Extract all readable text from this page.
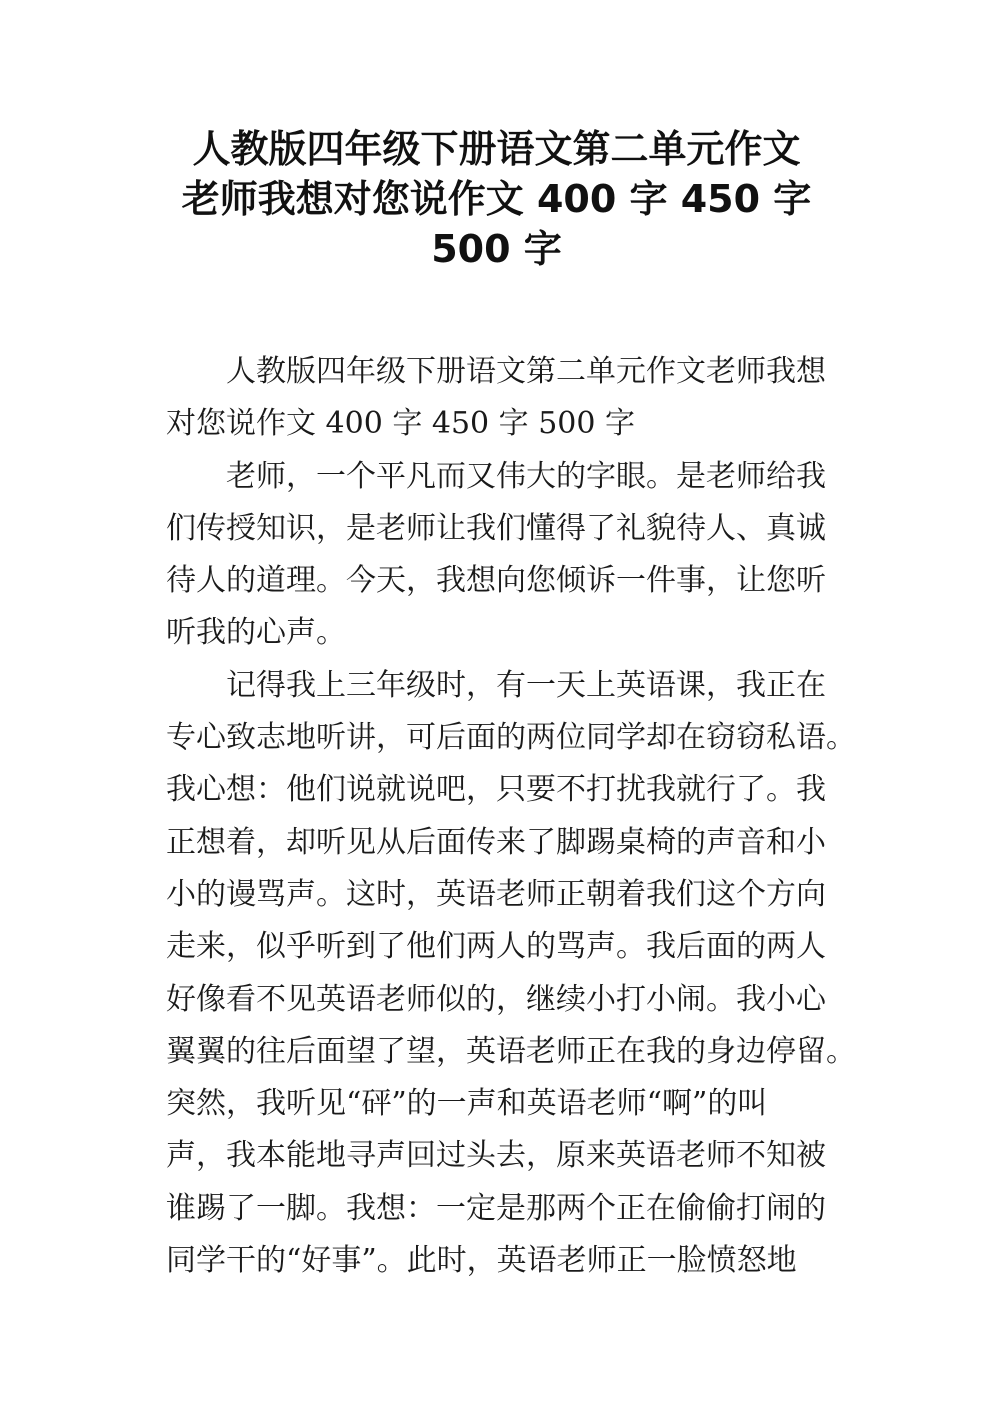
人教版四年级下册语文第二单元作文
老师我想对您说作文 400 字 450 字
500 字
人教版四年级下册语文第二单元作文老师我想
对您说作文 400 字 450 字 500 字
老师，一个平凡而又伟大的字眼。是老师给我
们传授知识，是老师让我们懂得了礼貌待人、真诚
待人的道理。今天，我想向您倾诉一件事，让您听
听我的心声。
记得我上三年级时，有一天上英语课，我正在
专心致志地听讲，可后面的两位同学却在窃窃私语。
我心想：他们说就说吧，只要不打扰我就行了。我
正想着，却听见从后面传来了脚踢桌椅的声音和小
小的谩骂声。这时，英语老师正朝着我们这个方向
走来，似乎听到了他们两人的骂声。我后面的两人
好像看不见英语老师似的，继续小打小闹。我小心
翼翼的往后面望了望，英语老师正在我的身边停留。
突然，我听见“砰”的一声和英语老师“啊”的叫
声，我本能地寻声回过头去，原来英语老师不知被
谁踢了一脚。我想：一定是那两个正在偷偷打闹的
同学干的“好事”。此时，英语老师正一脸愤怒地
